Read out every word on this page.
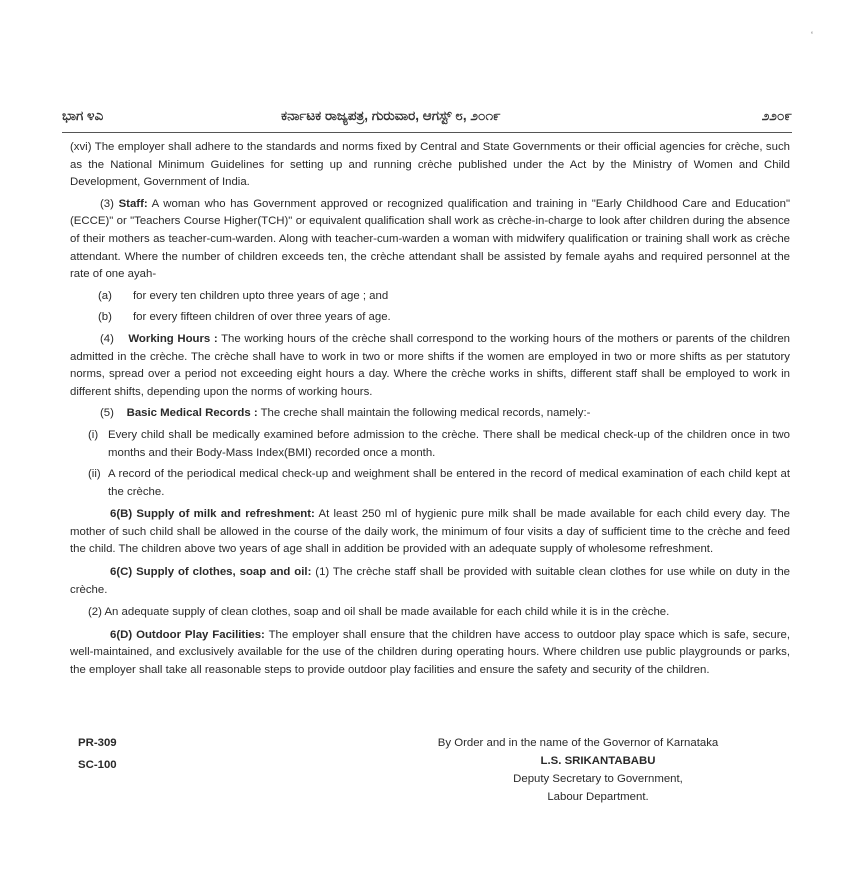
ʻ
ಭಾಗ ೪ಎ	ಕರ್ನಾಟಕ ರಾಜ್ಯಪತ್ರ, ಗುರುವಾರ, ಆಗಸ್ಟ್ ೮, ೨೦೧೯	೨೨೦೯

(xvi) The employer shall adhere to the standards and norms fixed by Central and State Governments or their official agencies for crèche, such as the National Minimum Guidelines for setting up and running crèche published under the Act by the Ministry of Women and Child Development, Government of India.

(3) Staff: A woman who has Government approved or recognized qualification and training in "Early Childhood Care and Education" (ECCE)" or "Teachers Course Higher(TCH)" or equivalent qualification shall work as crèche-in-charge to look after children during the absence of their mothers as teacher-cum-warden. Along with teacher-cum-warden a woman with midwifery qualification or training shall work as crèche attendant. Where the number of children exceeds ten, the crèche attendant shall be assisted by female ayahs and required personnel at the rate of one ayah-

(a)	for every ten children upto three years of age ; and
(b)	for every fifteen children of over three years of age.

(4) Working Hours : The working hours of the crèche shall correspond to the working hours of the mothers or parents of the children admitted in the crèche. The crèche shall have to work in two or more shifts if the women are employed in two or more shifts as per statutory norms, spread over a period not exceeding eight hours a day. Where the crèche works in shifts, different staff shall be employed to work in different shifts, depending upon the norms of working hours.

(5) Basic Medical Records : The creche shall maintain the following medical records, namely:-

(i) Every child shall be medically examined before admission to the crèche. There shall be medical check-up of the children once in two months and their Body-Mass Index(BMI) recorded once a month.
(ii) A record of the periodical medical check-up and weighment shall be entered in the record of medical examination of each child kept at the crèche.

6(B) Supply of milk and refreshment: At least 250 ml of hygienic pure milk shall be made available for each child every day. The mother of such child shall be allowed in the course of the daily work, the minimum of four visits a day of sufficient time to the crèche and feed the child. The children above two years of age shall in addition be provided with an adequate supply of wholesome refreshment.

6(C) Supply of clothes, soap and oil: (1) The crèche staff shall be provided with suitable clean clothes for use while on duty in the crèche.

(2) An adequate supply of clean clothes, soap and oil shall be made available for each child while it is in the crèche.

6(D) Outdoor Play Facilities: The employer shall ensure that the children have access to outdoor play space which is safe, secure, well-maintained, and exclusively available for the use of the children during operating hours. Where children use public playgrounds or parks, the employer shall take all reasonable steps to provide outdoor play facilities and ensure the safety and security of the children.

PR-309
SC-100
By Order and in the name of the Governor of Karnataka
L.S. SRIKANTABABU
Deputy Secretary to Government,
Labour Department.
